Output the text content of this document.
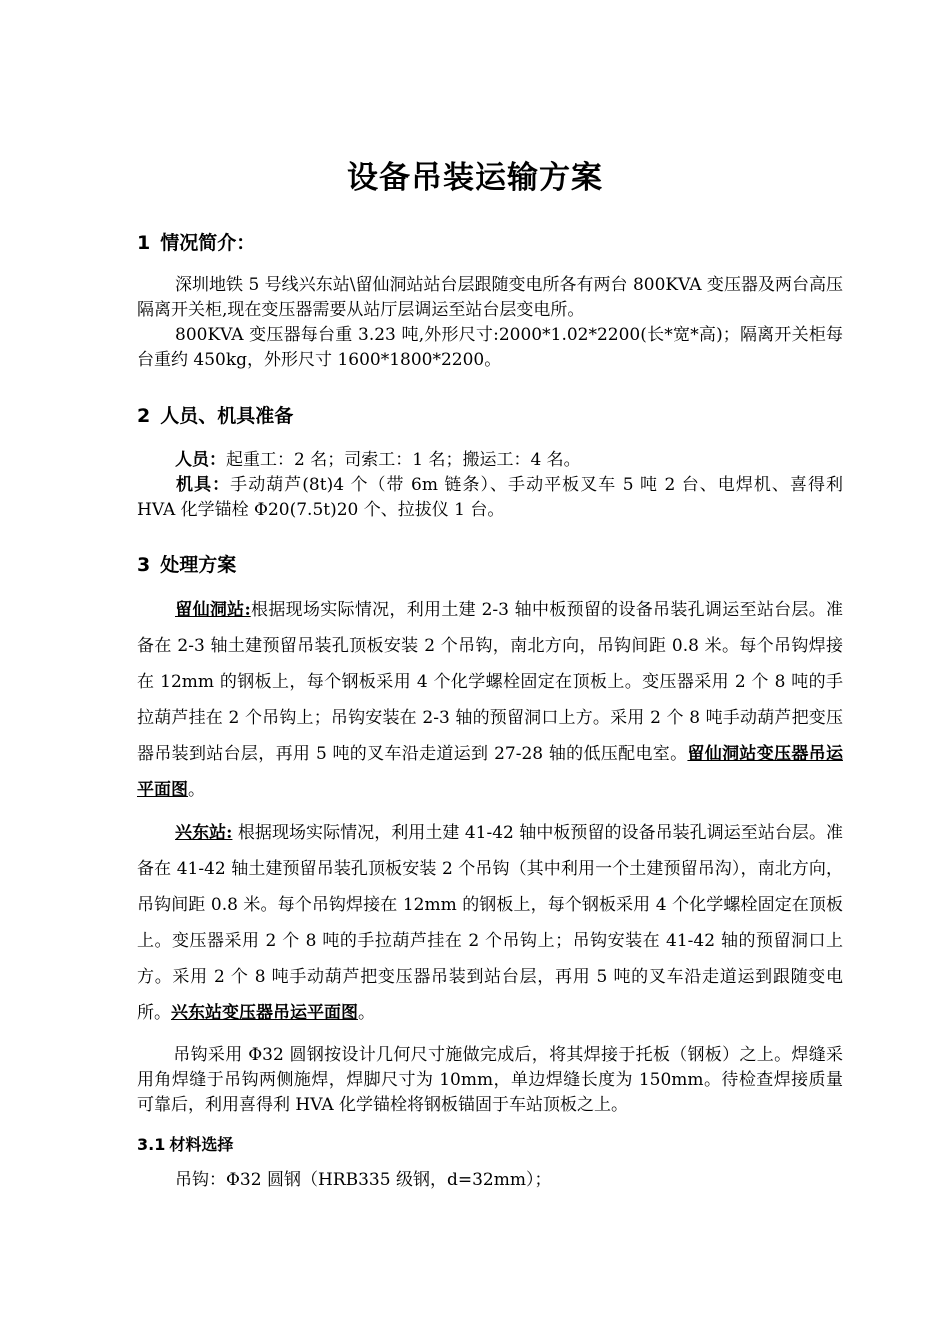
设备吊装运输方案
1 情况简介：
深圳地铁 5 号线兴东站\留仙洞站站台层跟随变电所各有两台 800KVA 变压器及两台高压隔离开关柜,现在变压器需要从站厅层调运至站台层变电所。
800KVA 变压器每台重 3.23 吨,外形尺寸:2000*1.02*2200(长*宽*高)；隔离开关柜每台重约 450kg，外形尺寸 1600*1800*2200。
2 人员、机具准备
人员：起重工：2 名；司索工：1 名；搬运工：4 名。
机具：手动葫芦(8t)4 个（带 6m 链条）、手动平板叉车 5 吨 2 台、电焊机、喜得利 HVA 化学锚栓 Φ20(7.5t)20 个、拉拔仪 1 台。
3 处理方案
留仙洞站:根据现场实际情况，利用土建 2-3 轴中板预留的设备吊装孔调运至站台层。准备在 2-3 轴土建预留吊装孔顶板安装 2 个吊钩，南北方向，吊钩间距 0.8 米。每个吊钩焊接在 12mm 的钢板上，每个钢板采用 4 个化学螺栓固定在顶板上。变压器采用 2 个 8 吨的手拉葫芦挂在 2 个吊钩上；吊钩安装在 2-3 轴的预留洞口上方。采用 2 个 8 吨手动葫芦把变压器吊装到站台层，再用 5 吨的叉车沿走道运到 27-28 轴的低压配电室。留仙洞站变压器吊运平面图。
兴东站: 根据现场实际情况，利用土建 41-42 轴中板预留的设备吊装孔调运至站台层。准备在 41-42 轴土建预留吊装孔顶板安装 2 个吊钩（其中利用一个土建预留吊沟），南北方向，吊钩间距 0.8 米。每个吊钩焊接在 12mm 的钢板上，每个钢板采用 4 个化学螺栓固定在顶板上。变压器采用 2 个 8 吨的手拉葫芦挂在 2 个吊钩上；吊钩安装在 41-42 轴的预留洞口上方。采用 2 个 8 吨手动葫芦把变压器吊装到站台层，再用 5 吨的叉车沿走道运到跟随变电所。兴东站变压器吊运平面图。
吊钩采用 Φ32 圆钢按设计几何尺寸施做完成后，将其焊接于托板（钢板）之上。焊缝采用角焊缝于吊钩两侧施焊，焊脚尺寸为 10mm，单边焊缝长度为 150mm。待检查焊接质量可靠后，利用喜得利 HVA 化学锚栓将钢板锚固于车站顶板之上。
3.1 材料选择
吊钩：Φ32 圆钢（HRB335 级钢，d=32mm）；
